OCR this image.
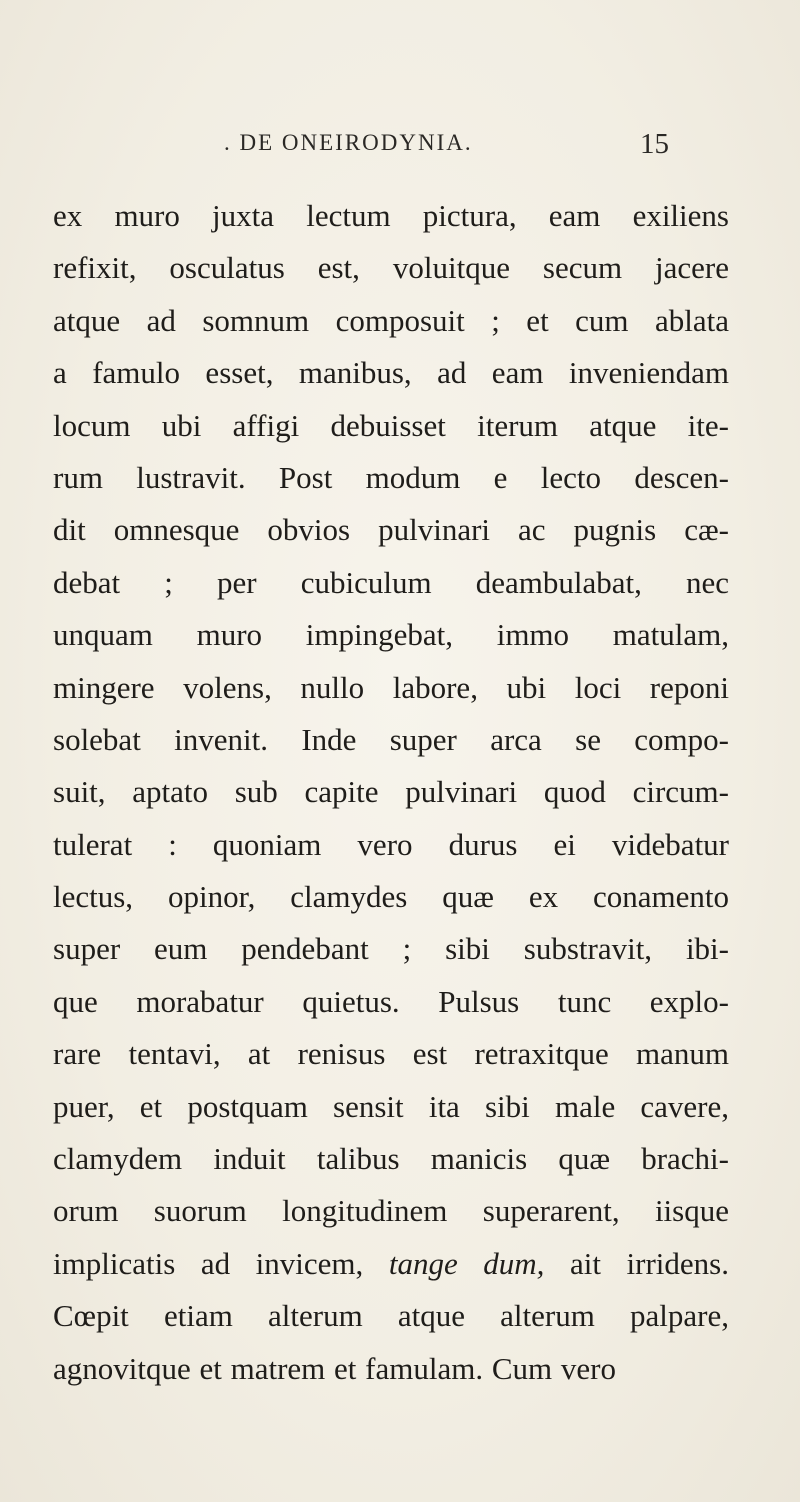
. DE ONEIRODYNIA.	15
ex muro juxta lectum pictura, eam exiliens
refixit, osculatus est, voluitque secum jacere
atque ad somnum composuit ; et cum ablata
a famulo esset, manibus, ad eam inveniendam
locum ubi affigi debuisset iterum atque ite-
rum lustravit. Post modum e lecto descen-
dit omnesque obvios pulvinari ac pugnis cæ-
debat ; per cubiculum deambulabat, nec
unquam muro impingebat, immo matulam,
mingere volens, nullo labore, ubi loci reponi
solebat invenit. Inde super arca se compo-
suit, aptato sub capite pulvinari quod circum-
tulerat : quoniam vero durus ei videbatur
lectus, opinor, clamydes quæ ex conamento
super eum pendebant ; sibi substravit, ibi-
que morabatur quietus. Pulsus tunc explo-
rare tentavi, at renisus est retraxitque manum
puer, et postquam sensit ita sibi male cavere,
clamydem induit talibus manicis quæ brachi-
orum suorum longitudinem superarent, iisque
implicatis ad invicem, tange dum, ait irridens.
Cœpit etiam alterum atque alterum palpare,
agnovitque et matrem et famulam. Cum vero
